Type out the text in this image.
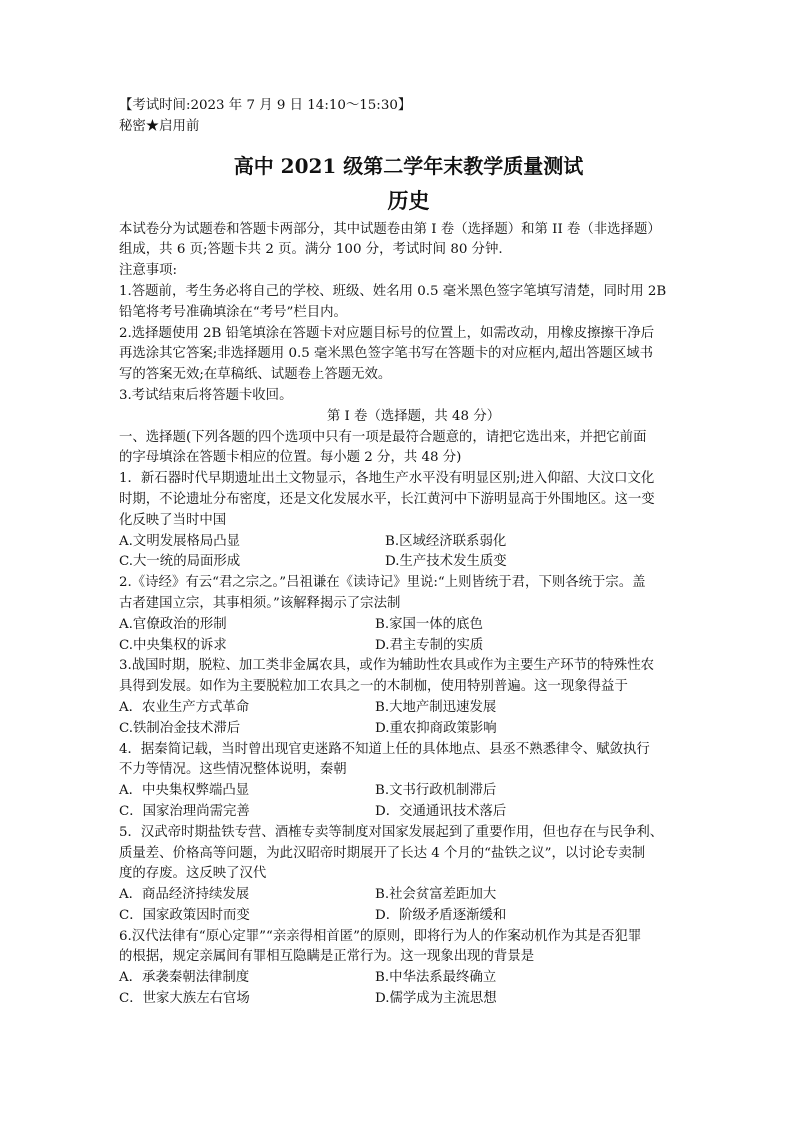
【考试时间:2023 年 7 月 9 日 14:10～15:30】
秘密★启用前
高中 2021 级第二学年末教学质量测试
历史
本试卷分为试题卷和答题卡两部分，其中试题卷由第 I 卷（选择题）和第 II 卷（非选择题）
组成，共 6 页;答题卡共 2 页。满分 100 分，考试时间 80 分钟.
注意事项:
1.答题前，考生务必将自己的学校、班级、姓名用 0.5 毫米黑色签字笔填写清楚，同时用 2B
铅笔将考号准确填涂在“考号”栏目内。
2.选择题使用 2B 铅笔填涂在答题卡对应题目标号的位置上，如需改动，用橡皮擦擦干净后
再选涂其它答案;非选择题用 0.5 毫米黑色签字笔书写在答题卡的对应框内,超出答题区域书
写的答案无效;在草稿纸、试题卷上答题无效。
3.考试结束后将答题卡收回。
第 I 卷（选择题，共 48 分）
一、选择题(下列各题的四个选项中只有一项是最符合题意的，请把它选出来，并把它前面
的字母填涂在答题卡相应的位置。每小题 2 分，共 48 分)
1．新石器时代早期遗址出土文物显示，各地生产水平没有明显区别;进入仰韶、大汶口文化
时期，不论遗址分布密度，还是文化发展水平，长江黄河中下游明显高于外围地区。这一变
化反映了当时中国
A.文明发展格局凸显	B.区域经济联系弱化
C.大一统的局面形成	D.生产技术发生质变
2.《诗经》有云“君之宗之。”吕祖谦在《读诗记》里说:“上则皆统于君，下则各统于宗。盖
古者建国立宗，其事相须。”该解释揭示了宗法制
A.官僚政治的形制	B.家国一体的底色
C.中央集权的诉求	D.君主专制的实质
3.战国时期，脱粒、加工类非金属农具，或作为辅助性农具或作为主要生产环节的特殊性农
具得到发展。如作为主要脱粒加工农具之一的木制枷，使用特别普遍。这一现象得益于
A．农业生产方式革命	B.大地产制迅速发展
C.铁制冶金技术滞后	D.重农抑商政策影响
4．据秦简记载，当时曾出现官吏迷路不知道上任的具体地点、县丞不熟悉律令、赋敛执行
不力等情况。这些情况整体说明，秦朝
A．中央集权弊端凸显	B.文书行政机制滞后
C．国家治理尚需完善	D．交通通讯技术落后
5．汉武帝时期盐铁专营、酒榷专卖等制度对国家发展起到了重要作用，但也存在与民争利、
质量差、价格高等问题，为此汉昭帝时期展开了长达 4 个月的“盐铁之议”，以讨论专卖制
度的存废。这反映了汉代
A．商品经济持续发展	B.社会贫富差距加大
C．国家政策因时而变	D．阶级矛盾逐渐缓和
6.汉代法律有“原心定罪”“亲亲得相首匿”的原则，即将行为人的作案动机作为其是否犯罪
的根据，规定亲属间有罪相互隐瞒是正常行为。这一现象出现的背景是
A．承袭秦朝法律制度	B.中华法系最终确立
C．世家大族左右官场	D.儒学成为主流思想
